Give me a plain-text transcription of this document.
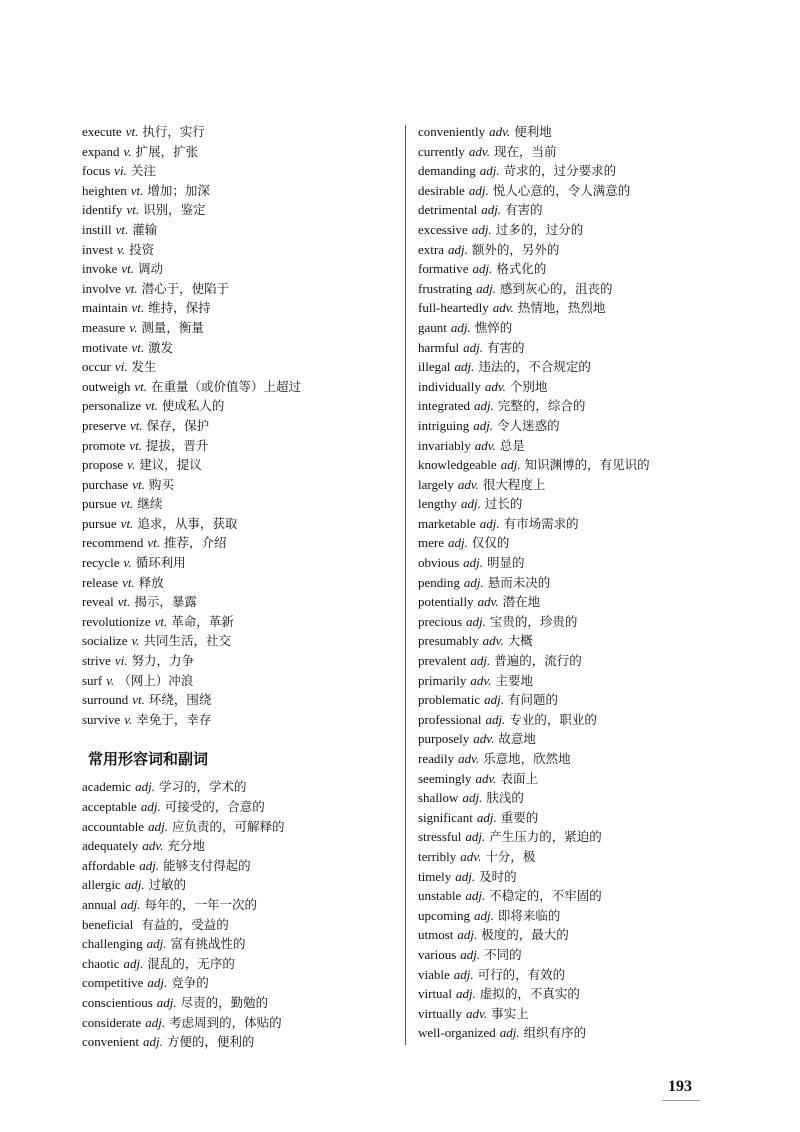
execute vt. 执行，实行
expand v. 扩展，扩张
focus vi. 关注
heighten vt. 增加；加深
identify vt. 识别，鉴定
instill vt. 灌输
invest v. 投资
invoke vt. 调动
involve vt. 潜心于，使陷于
maintain vt. 维持，保持
measure v. 测量，衡量
motivate vt. 激发
occur vi. 发生
outweigh vt. 在重量（或价值等）上超过
personalize vt. 使成私人的
preserve vt. 保存，保护
promote vt. 提拔，晋升
propose v. 建议，提议
purchase vt. 购买
pursue vt. 继续
pursue vt. 追求，从事，获取
recommend vt. 推荐，介绍
recycle v. 循环利用
release vt. 释放
reveal vt. 揭示，暴露
revolutionize vt. 革命，革新
socialize v. 共同生活，社交
strive vi. 努力，力争
surf v. （网上）冲浪
surround vt. 环绕，围绕
survive v. 幸免于，幸存
常用形容词和副词
academic adj. 学习的，学术的
acceptable adj. 可接受的，合意的
accountable adj. 应负责的，可解释的
adequately adv. 充分地
affordable adj. 能够支付得起的
allergic adj. 过敏的
annual adj. 每年的，一年一次的
beneficial 有益的，受益的
challenging adj. 富有挑战性的
chaotic adj. 混乱的，无序的
competitive adj. 竞争的
conscientious adj. 尽责的，勤勉的
considerate adj. 考虑周到的，体贴的
convenient adj. 方便的，便利的
conveniently adv. 便利地
currently adv. 现在，当前
demanding adj. 苛求的，过分要求的
desirable adj. 悦人心意的，令人满意的
detrimental adj. 有害的
excessive adj. 过多的，过分的
extra adj. 额外的，另外的
formative adj. 格式化的
frustrating adj. 感到灰心的，沮丧的
full-heartedly adv. 热情地，热烈地
gaunt adj. 憔悴的
harmful adj. 有害的
illegal adj. 违法的，不合规定的
individually adv. 个别地
integrated adj. 完整的，综合的
intriguing adj. 令人迷惑的
invariably adv. 总是
knowledgeable adj. 知识渊博的，有见识的
largely adv. 很大程度上
lengthy adj. 过长的
marketable adj. 有市场需求的
mere adj. 仅仅的
obvious adj. 明显的
pending adj. 悬而未决的
potentially adv. 潜在地
precious adj. 宝贵的，珍贵的
presumably adv. 大概
prevalent adj. 普遍的，流行的
primarily adv. 主要地
problematic adj. 有问题的
professional adj. 专业的，职业的
purposely adv. 故意地
readily adv. 乐意地，欣然地
seemingly adv. 表面上
shallow adj. 肤浅的
significant adj. 重要的
stressful adj. 产生压力的，紧迫的
terribly adv. 十分，极
timely adj. 及时的
unstable adj. 不稳定的，不牢固的
upcoming adj. 即将来临的
utmost adj. 极度的，最大的
various adj. 不同的
viable adj. 可行的，有效的
virtual adj. 虚拟的，不真实的
virtually adv. 事实上
well-organized adj. 组织有序的
193
